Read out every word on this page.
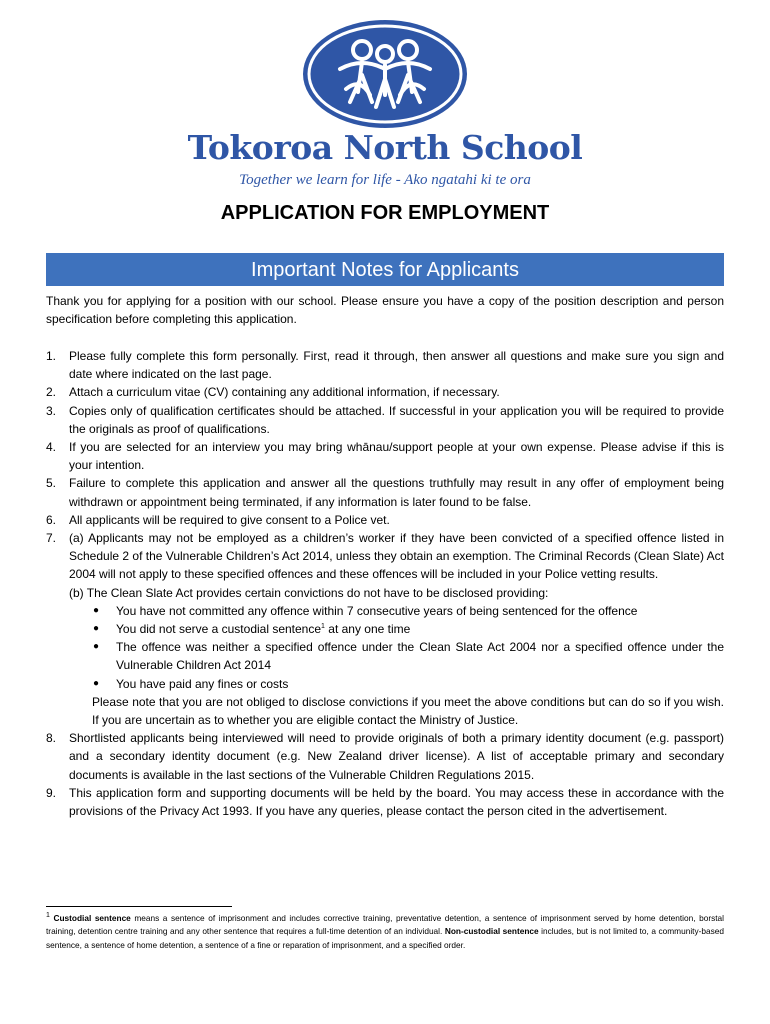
Tokoroa North School
Together we learn for life - Ako ngatahi ki te ora
APPLICATION FOR EMPLOYMENT
Important Notes for Applicants
Thank you for applying for a position with our school. Please ensure you have a copy of the position description and person specification before completing this application.
1. Please fully complete this form personally. First, read it through, then answer all questions and make sure you sign and date where indicated on the last page.
2. Attach a curriculum vitae (CV) containing any additional information, if necessary.
3. Copies only of qualification certificates should be attached. If successful in your application you will be required to provide the originals as proof of qualifications.
4. If you are selected for an interview you may bring whānau/support people at your own expense. Please advise if this is your intention.
5. Failure to complete this application and answer all the questions truthfully may result in any offer of employment being withdrawn or appointment being terminated, if any information is later found to be false.
6. All applicants will be required to give consent to a Police vet.
7. (a) Applicants may not be employed as a children’s worker if they have been convicted of a specified offence listed in Schedule 2 of the Vulnerable Children’s Act 2014, unless they obtain an exemption. The Criminal Records (Clean Slate) Act 2004 will not apply to these specified offences and these offences will be included in your Police vetting results.
(b) The Clean Slate Act provides certain convictions do not have to be disclosed providing:
● You have not committed any offence within 7 consecutive years of being sentenced for the offence
● You did not serve a custodial sentence$^1$ at any one time
● The offence was neither a specified offence under the Clean Slate Act 2004 nor a specified offence under the Vulnerable Children Act 2014
● You have paid any fines or costs
Please note that you are not obliged to disclose convictions if you meet the above conditions but can do so if you wish. If you are uncertain as to whether you are eligible contact the Ministry of Justice.
8. Shortlisted applicants being interviewed will need to provide originals of both a primary identity document (e.g. passport) and a secondary identity document (e.g. New Zealand driver license). A list of acceptable primary and secondary documents is available in the last sections of the Vulnerable Children Regulations 2015.
9. This application form and supporting documents will be held by the board. You may access these in accordance with the provisions of the Privacy Act 1993. If you have any queries, please contact the person cited in the advertisement.
$^1$ Custodial sentence means a sentence of imprisonment and includes corrective training, preventative detention, a sentence of imprisonment served by home detention, borstal training, detention centre training and any other sentence that requires a full-time detention of an individual. Non-custodial sentence includes, but is not limited to, a community-based sentence, a sentence of home detention, a sentence of a fine or reparation of imprisonment, and a specified order.
